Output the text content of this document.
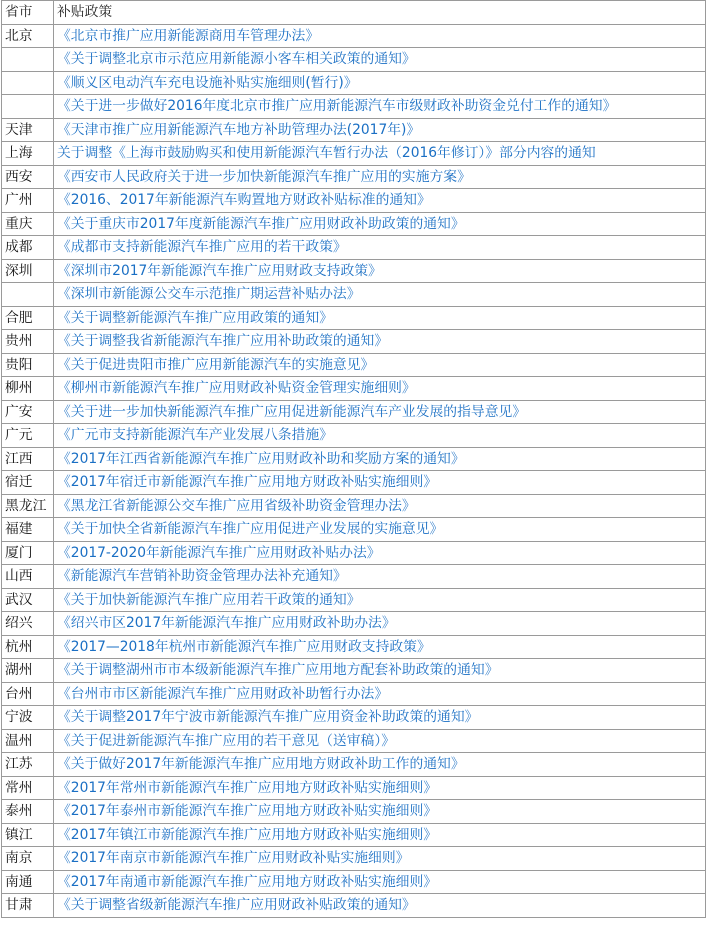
省市	补贴政策
北京	《北京市推广应用新能源商用车管理办法》
	《关于调整北京市示范应用新能源小客车相关政策的通知》
	《顺义区电动汽车充电设施补贴实施细则(暂行)》
	《关于进一步做好2016年度北京市推广应用新能源汽车市级财政补助资金兑付工作的通知》
天津	《天津市推广应用新能源汽车地方补助管理办法(2017年)》
上海	关于调整《上海市鼓励购买和使用新能源汽车暂行办法（2016年修订）》部分内容的通知
西安	《西安市人民政府关于进一步加快新能源汽车推广应用的实施方案》
广州	《2016、2017年新能源汽车购置地方财政补贴标准的通知》
重庆	《关于重庆市2017年度新能源汽车推广应用财政补助政策的通知》
成都	《成都市支持新能源汽车推广应用的若干政策》
深圳	《深圳市2017年新能源汽车推广应用财政支持政策》
	《深圳市新能源公交车示范推广期运营补贴办法》
合肥	《关于调整新能源汽车推广应用政策的通知》
贵州	《关于调整我省新能源汽车推广应用补助政策的通知》
贵阳	《关于促进贵阳市推广应用新能源汽车的实施意见》
柳州	《柳州市新能源汽车推广应用财政补贴资金管理实施细则》
广安	《关于进一步加快新能源汽车推广应用促进新能源汽车产业发展的指导意见》
广元	《广元市支持新能源汽车产业发展八条措施》
江西	《2017年江西省新能源汽车推广应用财政补助和奖励方案的通知》
宿迁	《2017年宿迁市新能源汽车推广应用地方财政补贴实施细则》
黑龙江	《黑龙江省新能源公交车推广应用省级补助资金管理办法》
福建	《关于加快全省新能源汽车推广应用促进产业发展的实施意见》
厦门	《2017-2020年新能源汽车推广应用财政补贴办法》
山西	《新能源汽车营销补助资金管理办法补充通知》
武汉	《关于加快新能源汽车推广应用若干政策的通知》
绍兴	《绍兴市区2017年新能源汽车推广应用财政补助办法》
杭州	《2017—2018年杭州市新能源汽车推广应用财政支持政策》
湖州	《关于调整湖州市市本级新能源汽车推广应用地方配套补助政策的通知》
台州	《台州市市区新能源汽车推广应用财政补助暂行办法》
宁波	《关于调整2017年宁波市新能源汽车推广应用资金补助政策的通知》
温州	《关于促进新能源汽车推广应用的若干意见（送审稿）》
江苏	《关于做好2017年新能源汽车推广应用地方财政补助工作的通知》
常州	《2017年常州市新能源汽车推广应用地方财政补贴实施细则》
泰州	《2017年泰州市新能源汽车推广应用地方财政补贴实施细则》
镇江	《2017年镇江市新能源汽车推广应用地方财政补贴实施细则》
南京	《2017年南京市新能源汽车推广应用财政补贴实施细则》
南通	《2017年南通市新能源汽车推广应用地方财政补贴实施细则》
甘肃	《关于调整省级新能源汽车推广应用财政补贴政策的通知》
